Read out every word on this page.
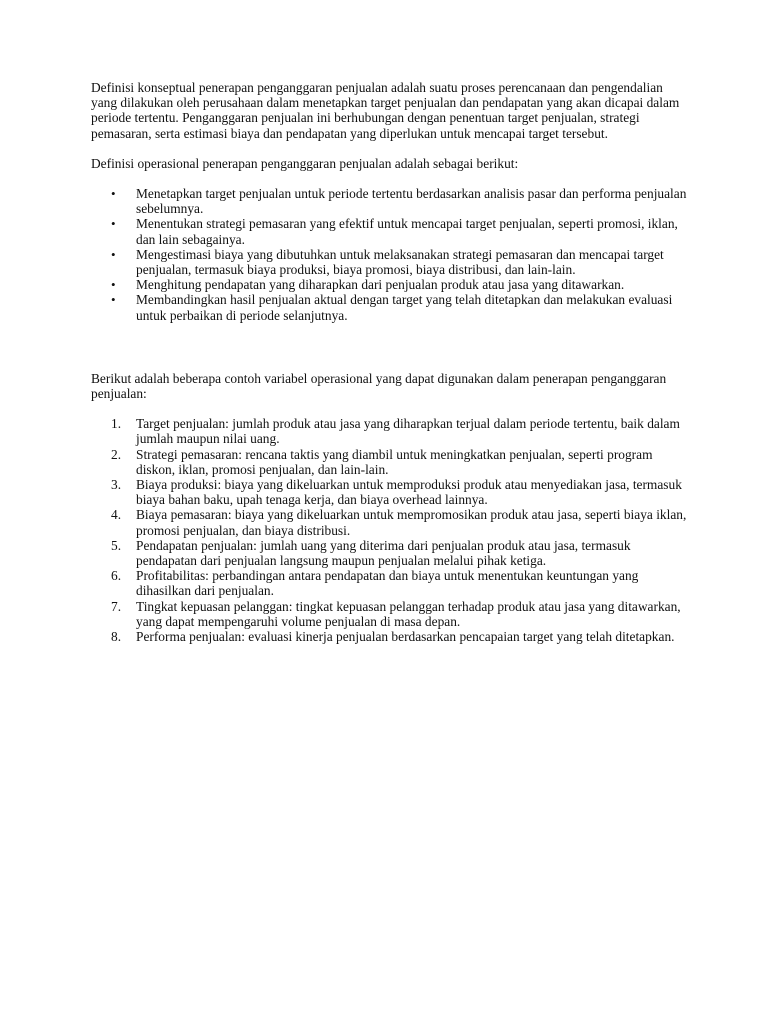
Definisi konseptual penerapan penganggaran penjualan adalah suatu proses perencanaan dan pengendalian yang dilakukan oleh perusahaan dalam menetapkan target penjualan dan pendapatan yang akan dicapai dalam periode tertentu. Penganggaran penjualan ini berhubungan dengan penentuan target penjualan, strategi pemasaran, serta estimasi biaya dan pendapatan yang diperlukan untuk mencapai target tersebut.

Definisi operasional penerapan penganggaran penjualan adalah sebagai berikut:

• Menetapkan target penjualan untuk periode tertentu berdasarkan analisis pasar dan performa penjualan sebelumnya.
• Menentukan strategi pemasaran yang efektif untuk mencapai target penjualan, seperti promosi, iklan, dan lain sebagainya.
• Mengestimasi biaya yang dibutuhkan untuk melaksanakan strategi pemasaran dan mencapai target penjualan, termasuk biaya produksi, biaya promosi, biaya distribusi, dan lain-lain.
• Menghitung pendapatan yang diharapkan dari penjualan produk atau jasa yang ditawarkan.
• Membandingkan hasil penjualan aktual dengan target yang telah ditetapkan dan melakukan evaluasi untuk perbaikan di periode selanjutnya.

Berikut adalah beberapa contoh variabel operasional yang dapat digunakan dalam penerapan penganggaran penjualan:

1. Target penjualan: jumlah produk atau jasa yang diharapkan terjual dalam periode tertentu, baik dalam jumlah maupun nilai uang.
2. Strategi pemasaran: rencana taktis yang diambil untuk meningkatkan penjualan, seperti program diskon, iklan, promosi penjualan, dan lain-lain.
3. Biaya produksi: biaya yang dikeluarkan untuk memproduksi produk atau menyediakan jasa, termasuk biaya bahan baku, upah tenaga kerja, dan biaya overhead lainnya.
4. Biaya pemasaran: biaya yang dikeluarkan untuk mempromosikan produk atau jasa, seperti biaya iklan, promosi penjualan, dan biaya distribusi.
5. Pendapatan penjualan: jumlah uang yang diterima dari penjualan produk atau jasa, termasuk pendapatan dari penjualan langsung maupun penjualan melalui pihak ketiga.
6. Profitabilitas: perbandingan antara pendapatan dan biaya untuk menentukan keuntungan yang dihasilkan dari penjualan.
7. Tingkat kepuasan pelanggan: tingkat kepuasan pelanggan terhadap produk atau jasa yang ditawarkan, yang dapat mempengaruhi volume penjualan di masa depan.
8. Performa penjualan: evaluasi kinerja penjualan berdasarkan pencapaian target yang telah ditetapkan.
